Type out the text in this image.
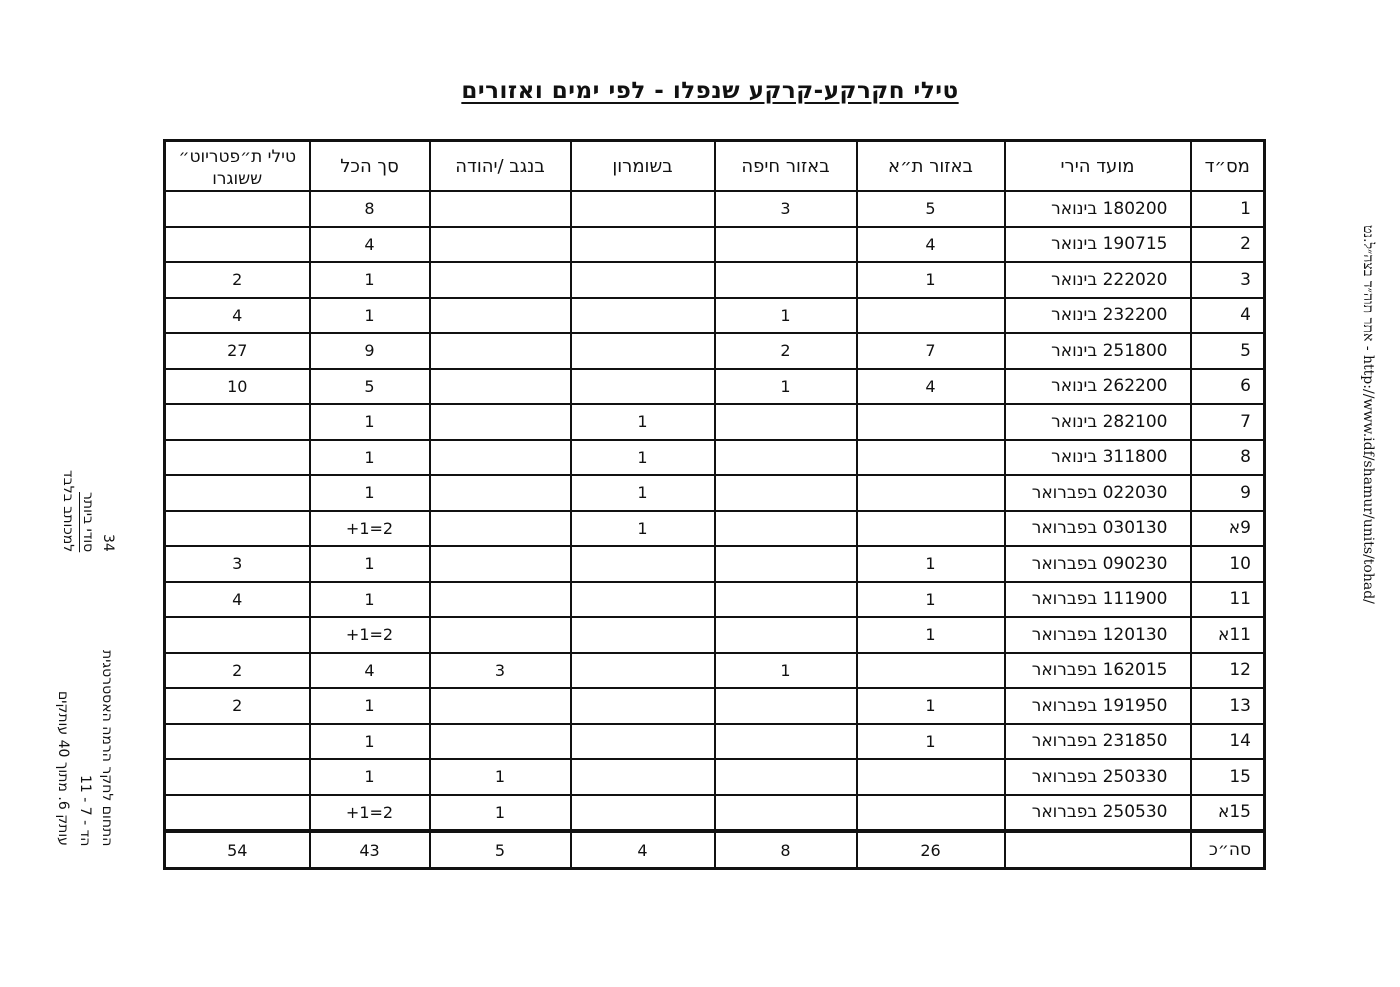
טילי חקרקע-קרקע שנפלו - לפי ימים ואזורים
מס״ד	מועד הירי	באזור ת״א	באזור חיפה	בשומרון	בנגב /יהודה	סך הכל	טילי ת״פטריוט״ ששוגרו
1	180200 בינואר	5	3			8	
2	190715 בינואר	4				4	
3	222020 בינואר	1				1	2
4	232200 בינואר		1			1	4
5	251800 בינואר	7	2			9	27
6	262200 בינואר	4	1			5	10
7	282100 בינואר			1		1	
8	311800 בינואר			1		1	
9	022030 בפברואר			1		1	
9א	030130 בפברואר			1		2=1+	
10	090230 בפברואר	1				1	3
11	111900 בפברואר	1				1	4
11א	120130 בפברואר	1				2=1+	
12	162015 בפברואר		1		3	4	2
13	191950 בפברואר	1				1	2
14	231850 בפברואר	1				1	
15	250330 בפברואר				1	1	
15א	250530 בפברואר				1	2=1+	
סה״כ		26	8	4	5	43	54
אתר תוה״ד בצה״ל.נט - http://www.idf/shamur/units/tohad/
34
סודי ביותר
למכותב בלבד
התחום לחקר הרמה האסטרטגית
הד - 7 - 11
עותק 6. מתוך 40 עותקים
